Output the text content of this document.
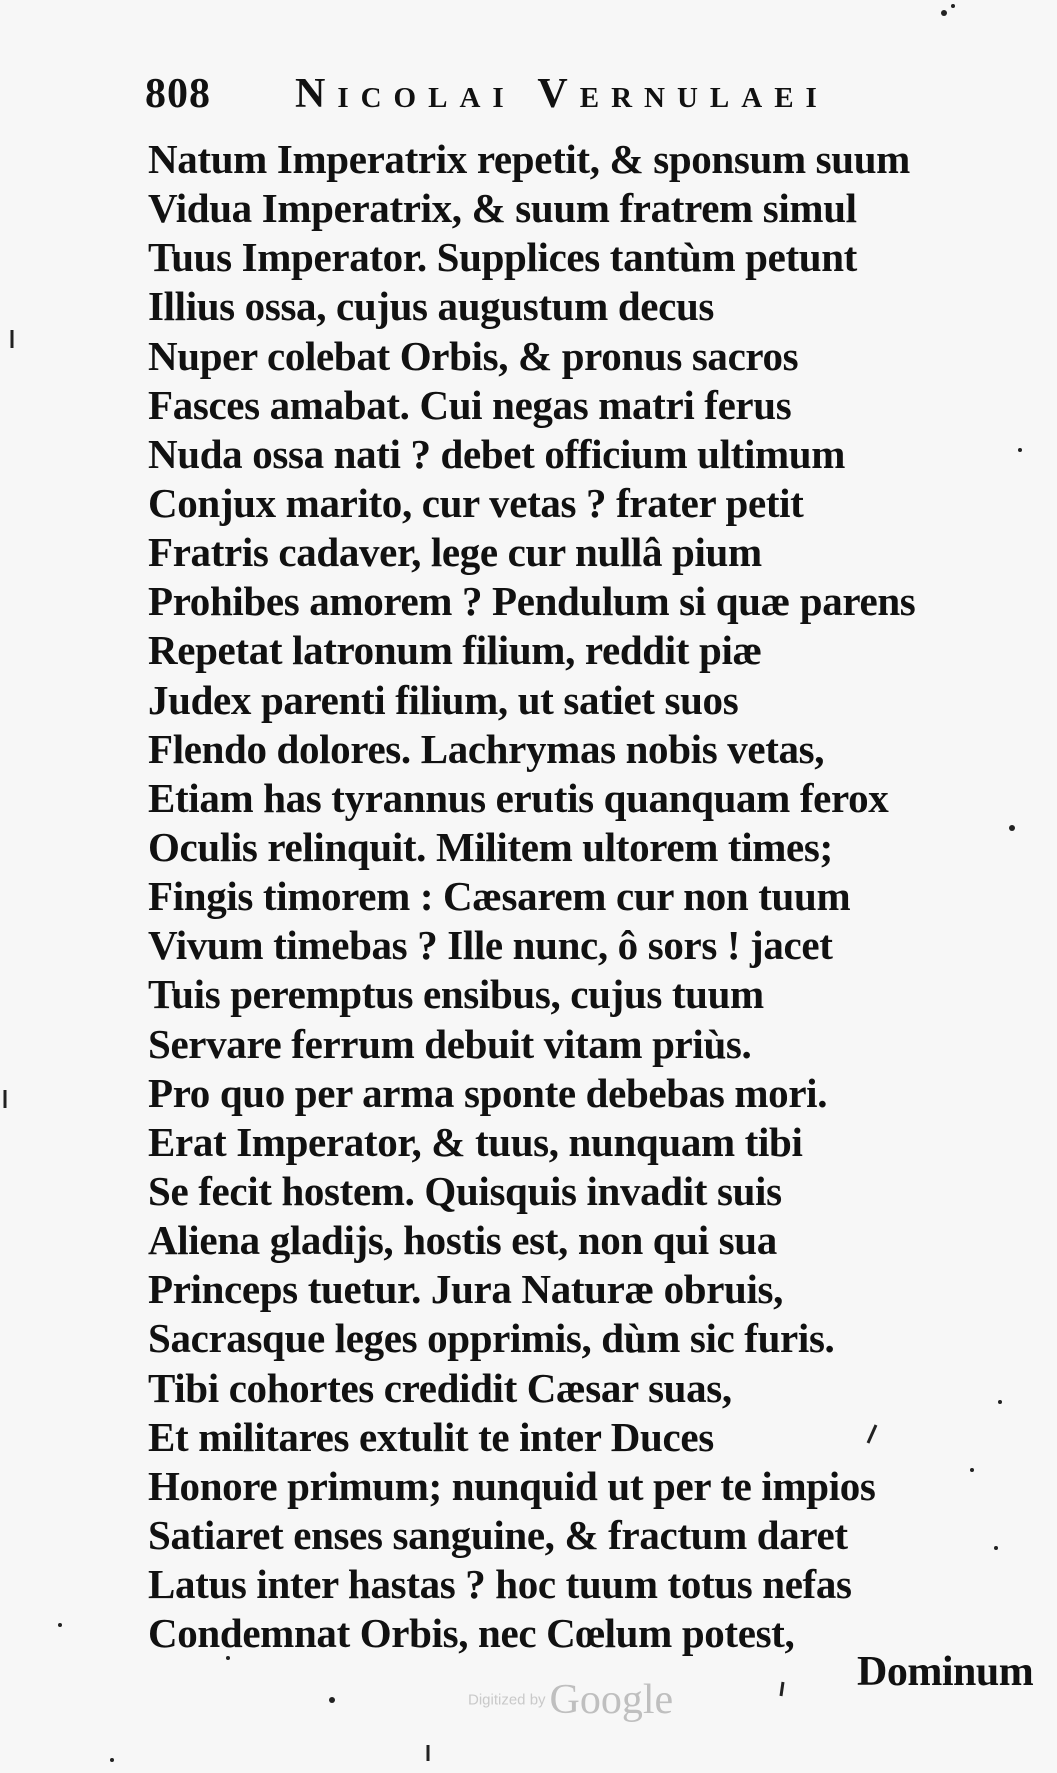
808 Nicolai Vernulaei
Natum Imperatrix repetit, & sponsum suum
Vidua Imperatrix, & suum fratrem simul
Tuus Imperator. Supplices tantùm petunt
Illius ossa, cujus augustum decus
Nuper colebat Orbis, & pronus sacros
Fasces amabat. Cui negas matri ferus
Nuda ossa nati ? debet officium ultimum
Conjux marito, cur vetas ? frater petit
Fratris cadaver, lege cur nullâ pium
Prohibes amorem ? Pendulum si quæ parens
Repetat latronum filium, reddit piæ
Judex parenti filium, ut satiet suos
Flendo dolores. Lachrymas nobis vetas,
Etiam has tyrannus erutis quanquam ferox
Oculis relinquit. Militem ultorem times;
Fingis timorem : Cæsarem cur non tuum
Vivum timebas ? Ille nunc, ô sors ! jacet
Tuis peremptus ensibus, cujus tuum
Servare ferrum debuit vitam priùs.
Pro quo per arma sponte debebas mori.
Erat Imperator, & tuus, nunquam tibi
Se fecit hostem. Quisquis invadit suis
Aliena gladijs, hostis est, non qui sua
Princeps tuetur. Jura Naturæ obruis,
Sacrasque leges opprimis, dùm sic furis.
Tibi cohortes credidit Cæsar suas,
Et militares extulit te inter Duces
Honore primum; nunquid ut per te impios
Satiaret enses sanguine, & fractum daret
Latus inter hastas ? hoc tuum totus nefas
Condemnat Orbis, nec Cœlum potest,
Dominum
Digitized by Google
